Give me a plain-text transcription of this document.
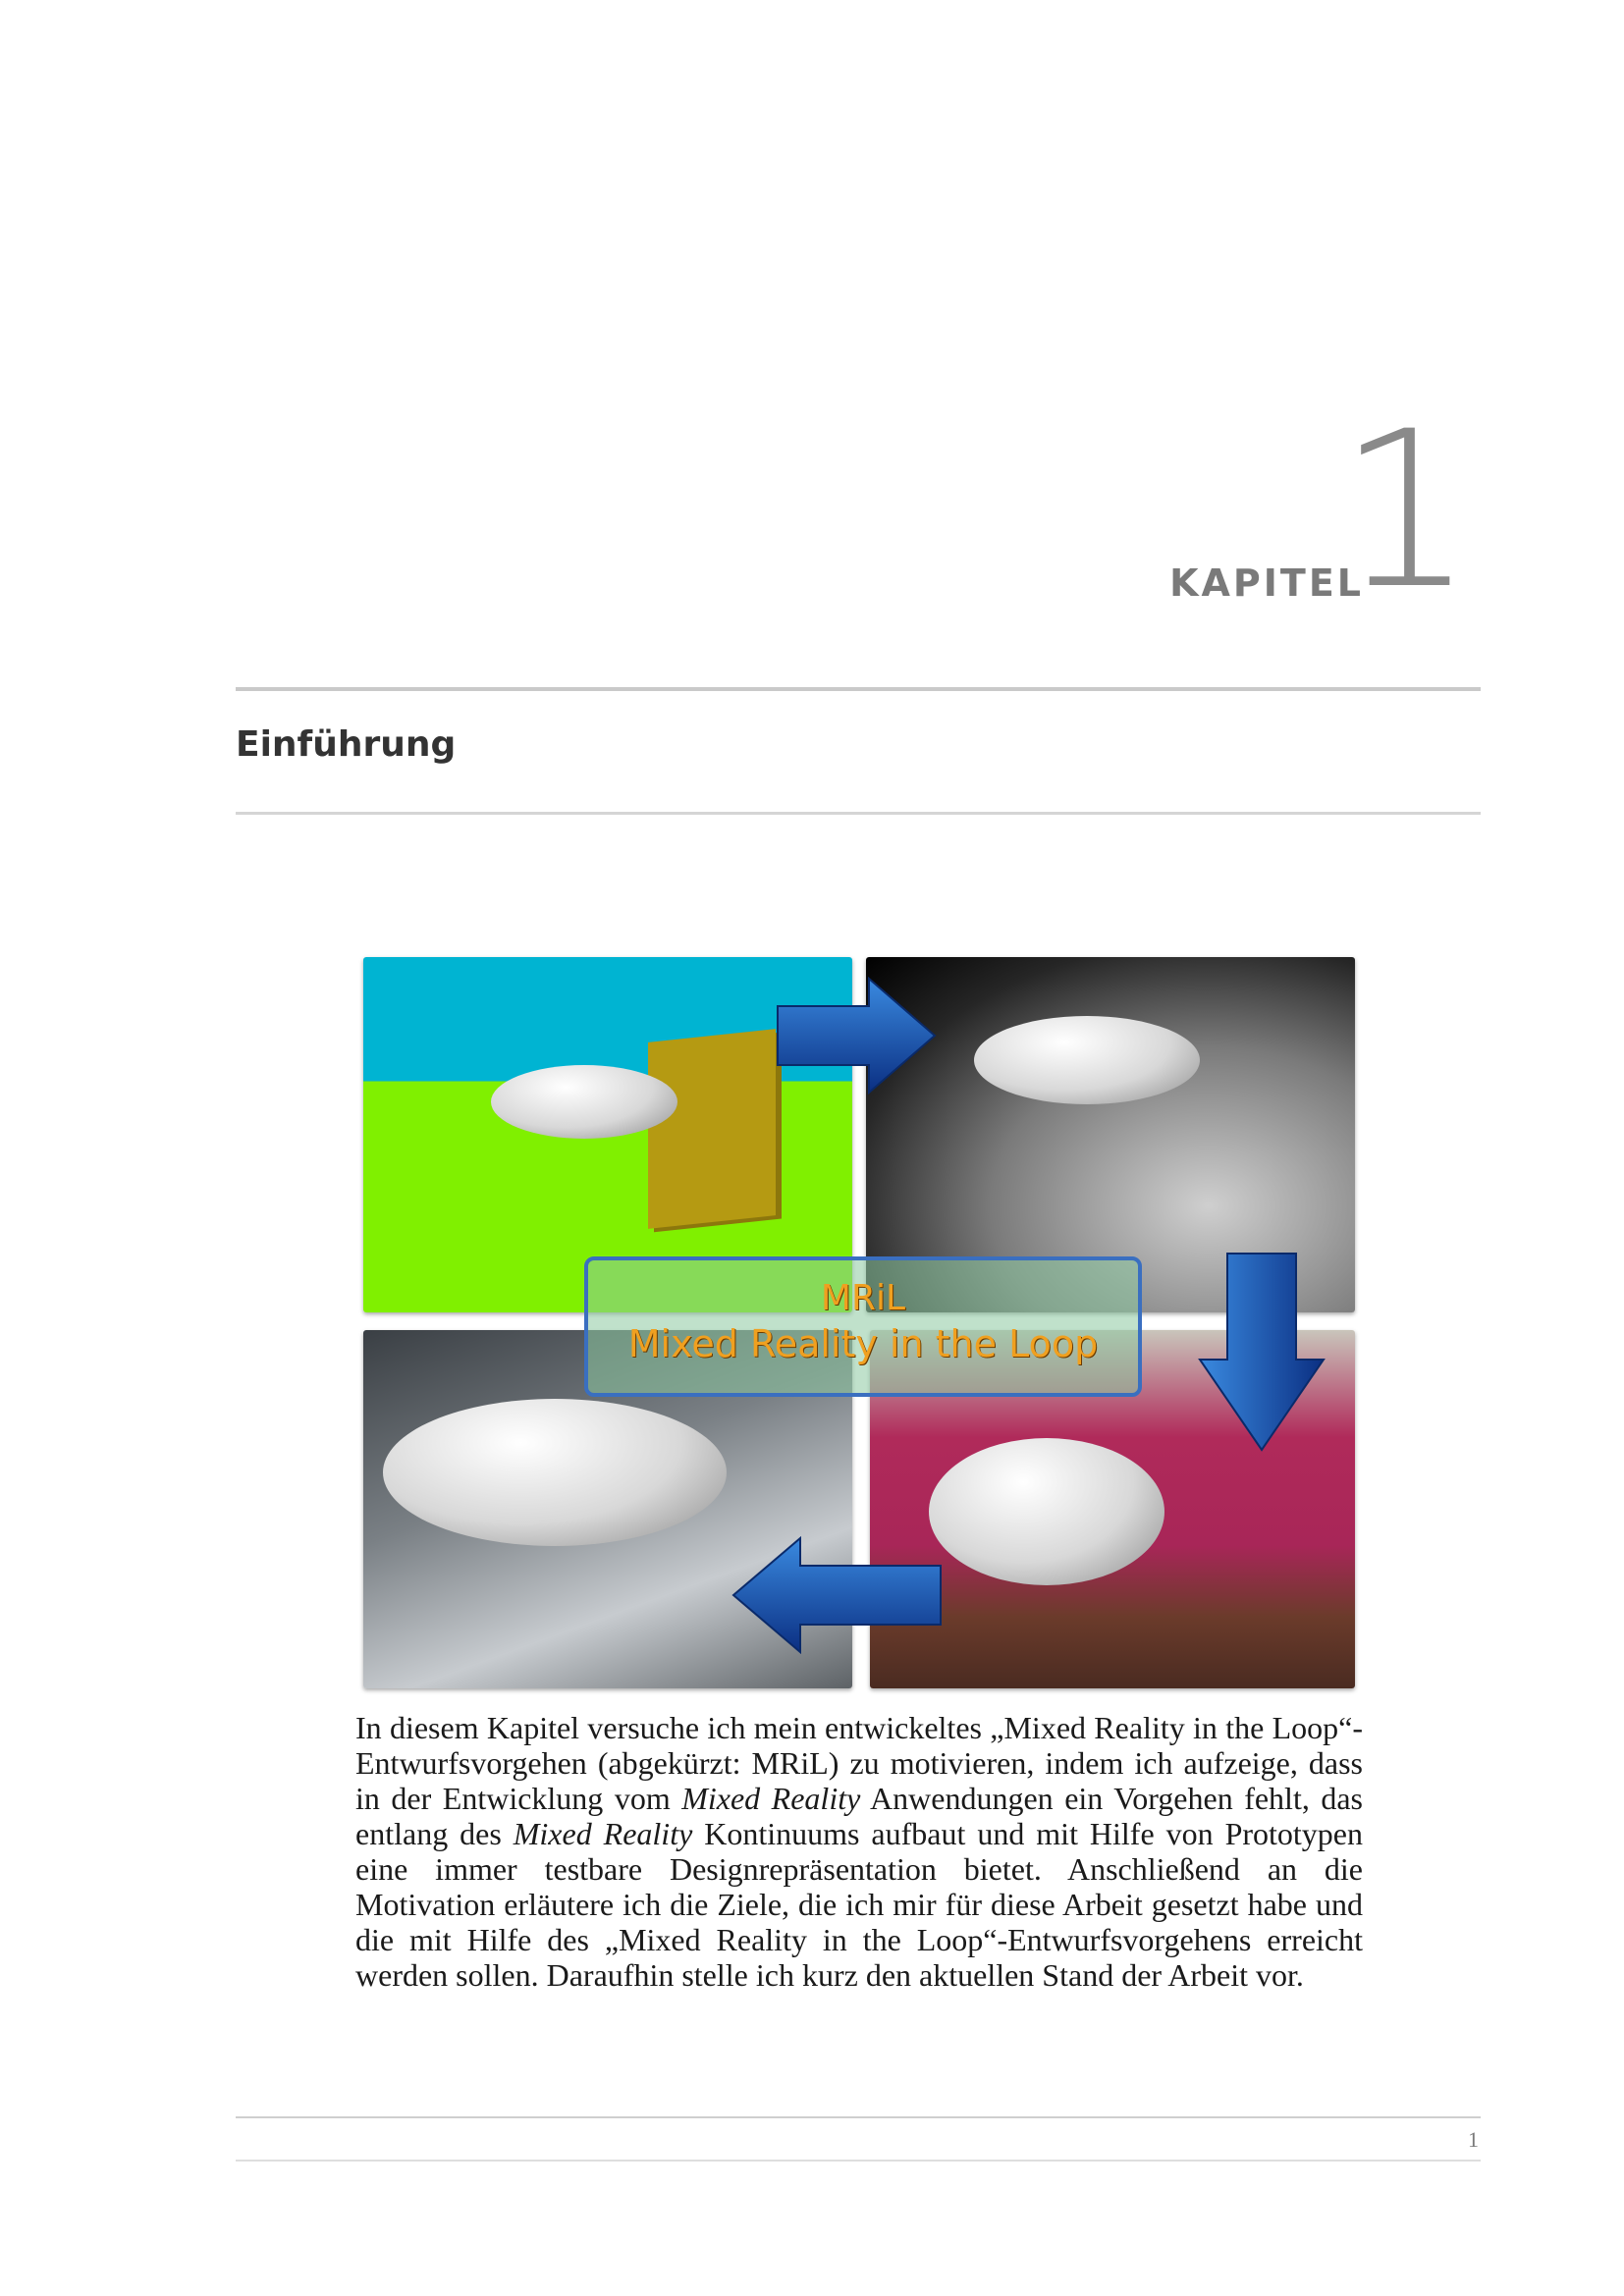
KAPITEL
1
Einführung
MRiL
Mixed Reality in the Loop

In diesem Kapitel versuche ich mein entwickeltes „Mixed Reality in the Loop“-Entwurfsvorgehen (abgekürzt: MRiL) zu motivieren, indem ich aufzeige, dass in der Entwicklung vom Mixed Reality Anwendungen ein Vorgehen fehlt, das entlang des Mixed Reality Kontinuums aufbaut und mit Hilfe von Prototypen eine immer testbare Designrepräsentation bietet. Anschließend an die Motivation erläutere ich die Ziele, die ich mir für diese Arbeit gesetzt habe und die mit Hilfe des „Mixed Reality in the Loop“-Entwurfsvorgehens erreicht werden sollen. Daraufhin stelle ich kurz den aktuellen Stand der Arbeit vor.

1
